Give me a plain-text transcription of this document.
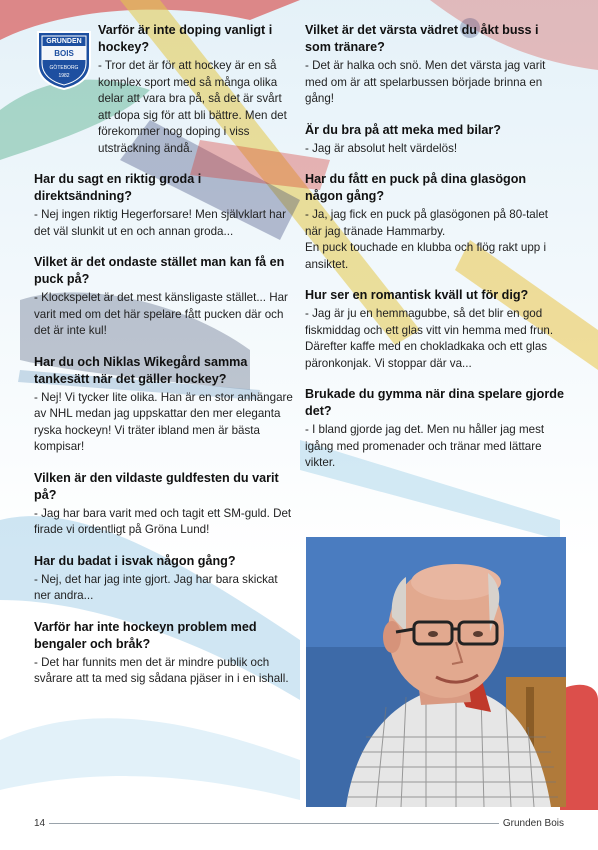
GRUNDEN
BOIS
GÖTEBORG
1982

Varför är inte doping vanligt i hockey?

- Tror det är för att hockey är en så komplex sport med så många olika delar att vara bra på, så det är svårt att dopa sig för att bli bättre. Men det förekommer nog doping i viss utsträckning ändå.

Har du sagt en riktig groda i direktsändning?

- Nej ingen riktig Hegerforsare! Men självklart har det väl slunkit ut en och annan groda...

Vilket är det ondaste stället man kan få en puck på?

- Klockspelet är det mest känsligaste stället... Har varit med om det här spelare fått pucken där och det är inte kul!

Har du och Niklas Wikegård samma tankesätt när det gäller hockey?

- Nej! Vi tycker lite olika. Han är en stor anhängare av NHL medan jag uppskattar den mer eleganta ryska hockeyn! Vi träter ibland men är bästa kompisar!

Vilken är den vildaste guldfesten du varit på?

- Jag har bara varit med och tagit ett SM-guld. Det firade vi ordentligt på Gröna Lund!

Har du badat i isvak någon gång?

- Nej, det har jag inte gjort. Jag har bara skickat ner andra...

Varför har inte hockeyn problem med bengaler och bråk?

- Det har funnits men det är mindre publik och svårare att ta med sig sådana pjäser in i en ishall.

Vilket är det värsta vädret du åkt buss i som tränare?

- Det är halka och snö. Men det värsta jag varit med om är att spelarbussen började brinna en gång!

Är du bra på att meka med bilar?

- Jag är absolut helt värdelös!

Har du fått en puck på dina glasögon någon gång?

- Ja, jag fick en puck på glasögonen på 80-talet när jag tränade Hammarby.

En puck touchade en klubba och flög rakt upp i ansiktet.

Hur ser en romantisk kväll ut för dig?

- Jag är ju en hemmagubbe, så det blir en god fiskmiddag och ett glas vitt vin hemma med frun. Därefter kaffe med en chokladkaka och ett glas päronkonjak. Vi stoppar där va...

Brukade du gymma när dina spelare gjorde det?

- I bland gjorde jag det. Men nu håller jag mest igång med promenader och tränar med lättare vikter.

14	Grunden Bois
